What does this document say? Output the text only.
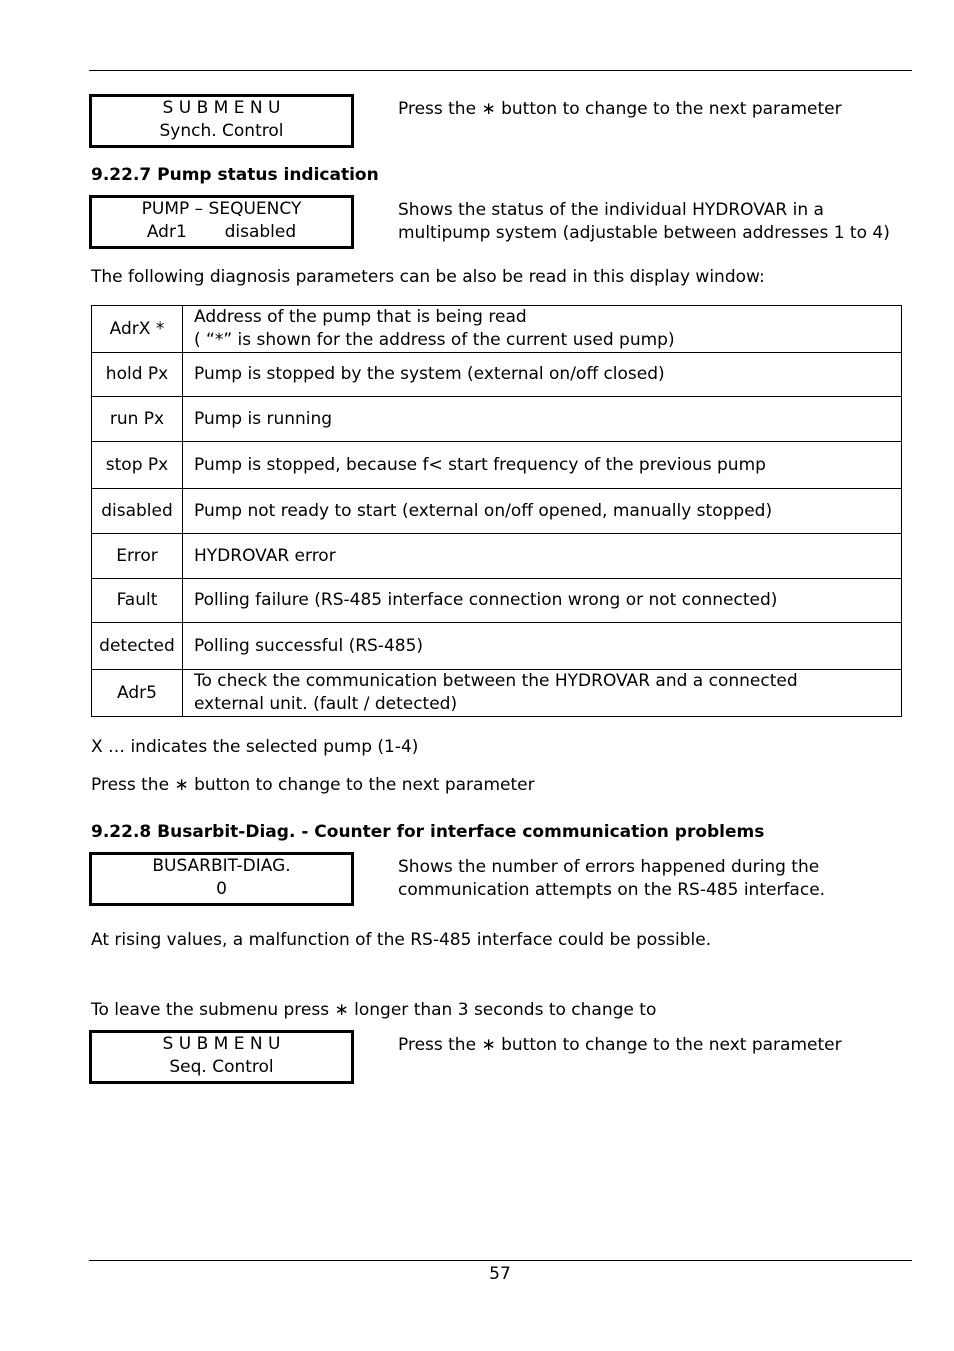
S U B M E N U
Synch. Control
Press the ∗ button to change to the next parameter
9.22.7 Pump status indication
PUMP – SEQUENCY
Adr1       disabled
Shows the status of the individual HYDROVAR in a
multipump system (adjustable between addresses 1 to 4)
The following diagnosis parameters can be also be read in this display window:
AdrX *	Address of the pump that is being read
( “*” is shown for the address of the current used pump)

hold Px	Pump is stopped by the system (external on/off closed)

run Px	Pump is running

stop Px	Pump is stopped, because f< start frequency of the previous pump

disabled	Pump not ready to start (external on/off opened, manually stopped)

Error	HYDROVAR error

Fault	Polling failure (RS-485 interface connection wrong or not connected)

detected	Polling successful (RS-485)

Adr5	To check the communication between the HYDROVAR and a connected
external unit. (fault / detected)
X … indicates the selected pump (1-4)
Press the ∗ button to change to the next parameter
9.22.8 Busarbit-Diag. - Counter for interface communication problems
BUSARBIT-DIAG.
0
Shows the number of errors happened during the
communication attempts on the RS-485 interface.
At rising values, a malfunction of the RS-485 interface could be possible.
To leave the submenu press ∗ longer than 3 seconds to change to
S U B M E N U
Seq. Control
Press the ∗ button to change to the next parameter
57
